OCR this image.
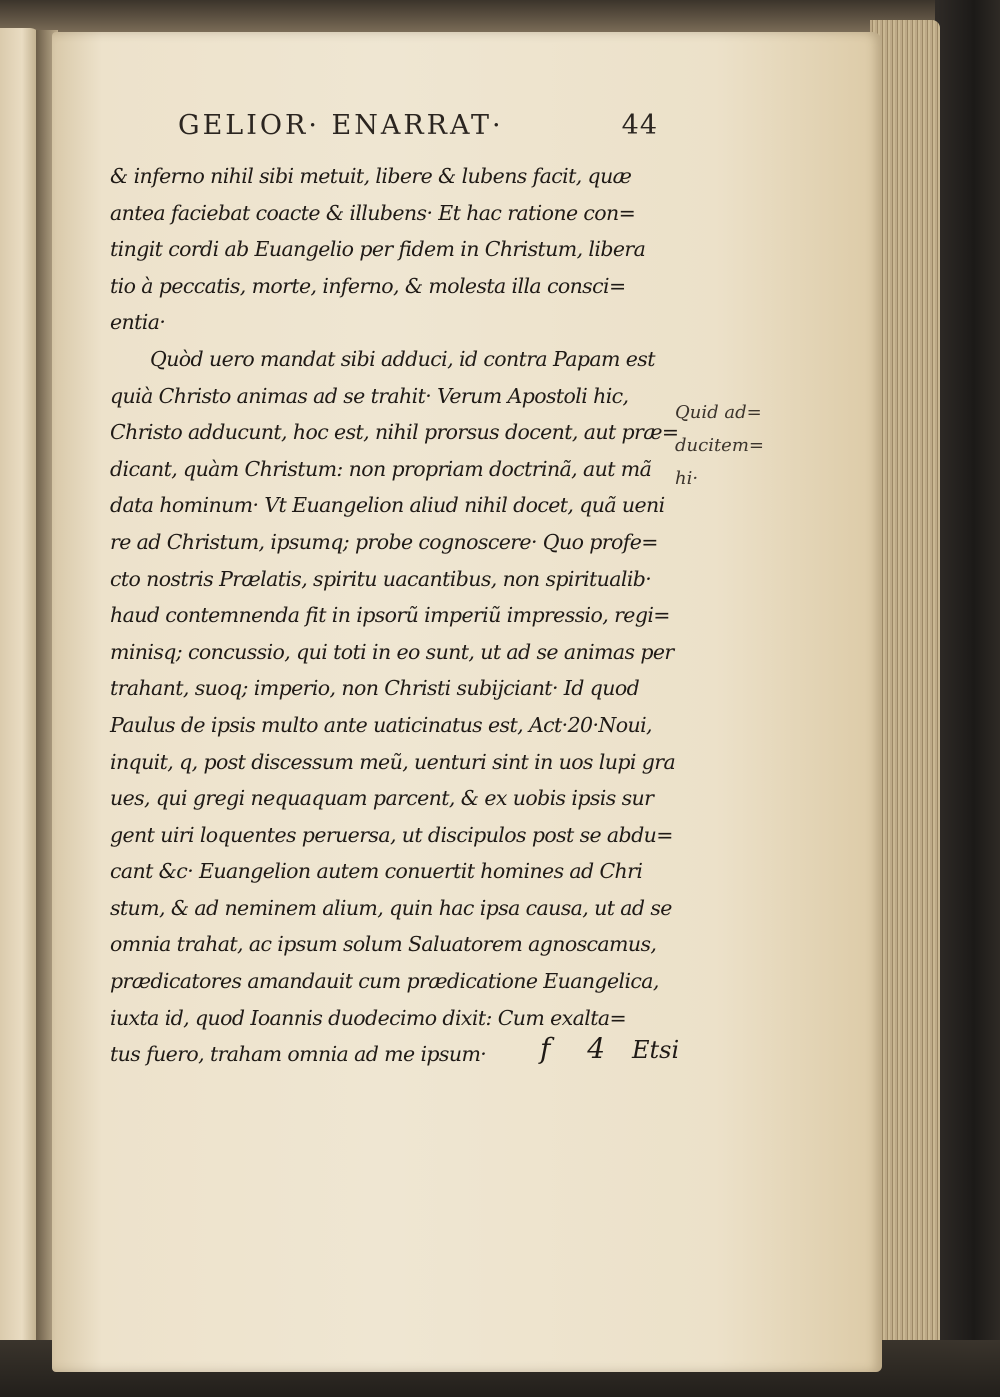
GELIOR· ENARRAT·	44
& inferno nihil sibi metuit, libere & lubens facit, quæ
antea faciebat coacte & illubens· Et hac ratione con=
tingit cordi ab Euangelio per fidem in Christum, libera
tio à peccatis, morte, inferno, & molesta illa consci=
entia·
Quòd uero mandat sibi adduci, id contra Papam est
quià Christo animas ad se trahit· Verum Apostoli hic,
Christo adducunt, hoc est, nihil prorsus docent, aut præ=
dicant, quàm Christum: non propriam doctrinã, aut mã
data hominum· Vt Euangelion aliud nihil docet, quã ueni
re ad Christum, ipsumq; probe cognoscere· Quo profe=
cto nostris Prælatis, spiritu uacantibus, non spiritualib·
haud contemnenda fit in ipsorũ imperiũ impressio, regi=
minisq; concussio, qui toti in eo sunt, ut ad se animas per
trahant, suoq; imperio, non Christi subijciant· Id quod
Paulus de ipsis multo ante uaticinatus est, Act·20·Noui,
inquit, q, post discessum meũ, uenturi sint in uos lupi gra
ues, qui gregi nequaquam parcent, & ex uobis ipsis sur
gent uiri loquentes peruersa, ut discipulos post se abdu=
cant &c· Euangelion autem conuertit homines ad Chri
stum, & ad neminem alium, quin hac ipsa causa, ut ad se
omnia trahat, ac ipsum solum Saluatorem agnoscamus,
prædicatores amandauit cum prædicatione Euangelica,
iuxta id, quod Ioannis duodecimo dixit: Cum exalta=
tus fuero, traham omnia ad me ipsum·
Quid ad=
ducitem=
hi·
f 4 Etsi
